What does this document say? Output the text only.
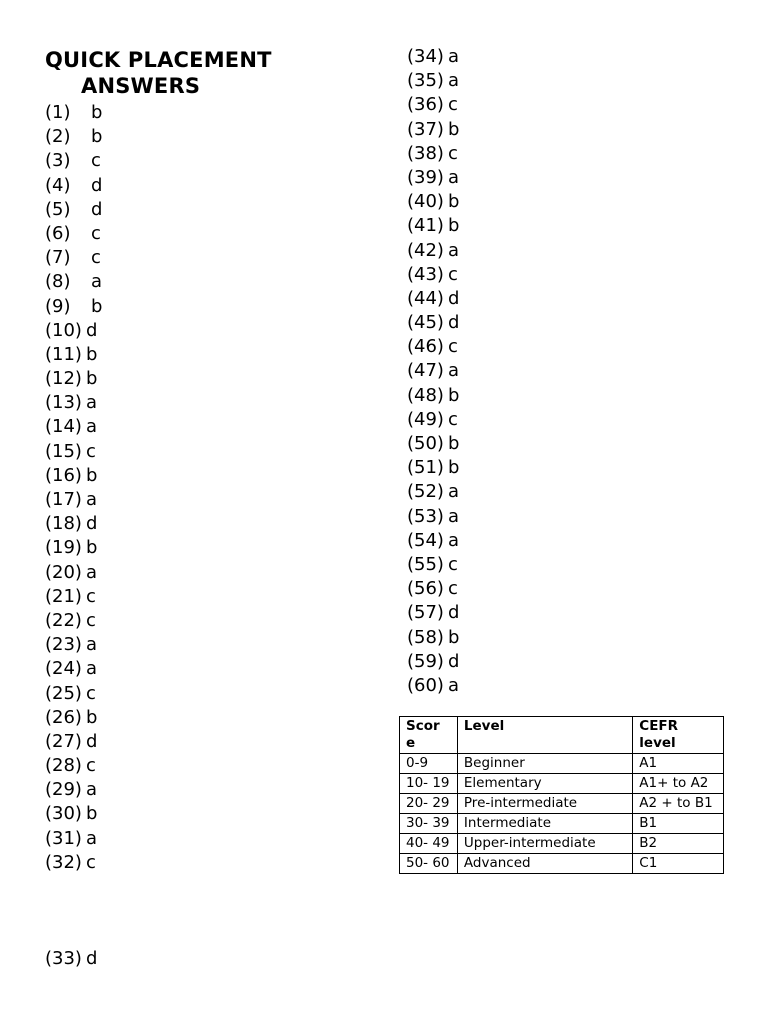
QUICK PLACEMENT
ANSWERS
(1) b
(2) b
(3) c
(4) d
(5) d
(6) c
(7) c
(8) a
(9) b
(10) d
(11) b
(12) b
(13) a
(14) a
(15) c
(16) b
(17) a
(18) d
(19) b
(20) a
(21) c
(22) c
(23) a
(24) a
(25) c
(26) b
(27) d
(28) c
(29) a
(30) b
(31) a
(32) c
(33) d
(34) a
(35) a
(36) c
(37) b
(38) c
(39) a
(40) b
(41) b
(42) a
(43) c
(44) d
(45) d
(46) c
(47) a
(48) b
(49) c
(50) b
(51) b
(52) a
(53) a
(54) a
(55) c
(56) c
(57) d
(58) b
(59) d
(60) a
Scor e	Level	CEFR level
0-9	Beginner	A1
10- 19	Elementary	A1+ to A2
20- 29	Pre-intermediate	A2 + to B1
30- 39	Intermediate	B1
40- 49	Upper-intermediate	B2
50- 60	Advanced	C1
